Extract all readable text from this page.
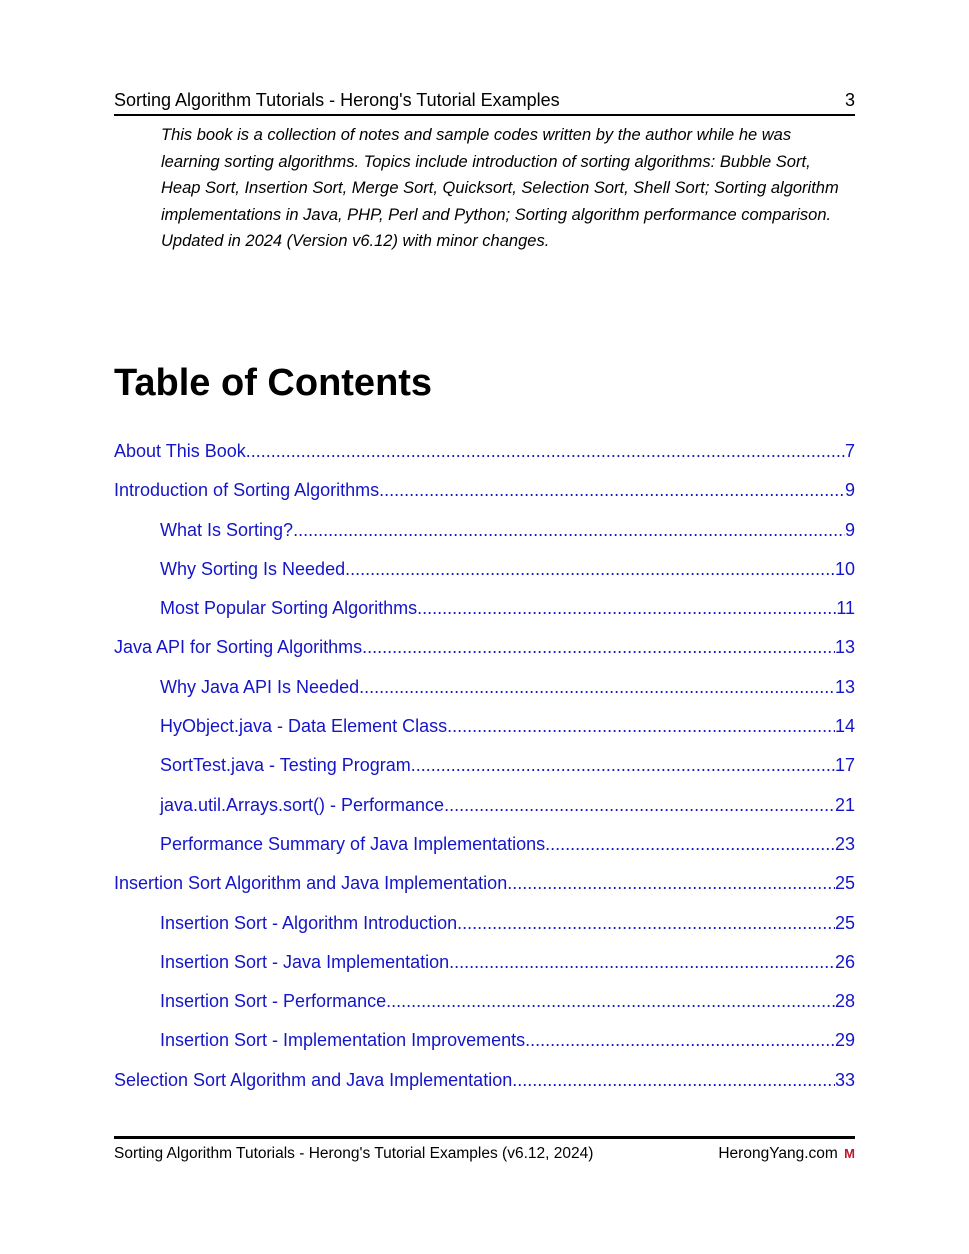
Sorting Algorithm Tutorials - Herong's Tutorial Examples	3
This book is a collection of notes and sample codes written by the author while he was learning sorting algorithms. Topics include introduction of sorting algorithms: Bubble Sort, Heap Sort, Insertion Sort, Merge Sort, Quicksort, Selection Sort, Shell Sort; Sorting algorithm implementations in Java, PHP, Perl and Python; Sorting algorithm performance comparison. Updated in 2024 (Version v6.12) with minor changes.
Table of Contents
About This Book .....	7
Introduction of Sorting Algorithms .....	9
What Is Sorting? .....	9
Why Sorting Is Needed .....	10
Most Popular Sorting Algorithms .....	11
Java API for Sorting Algorithms .....	13
Why Java API Is Needed .....	13
HyObject.java - Data Element Class .....	14
SortTest.java - Testing Program .....	17
java.util.Arrays.sort() - Performance .....	21
Performance Summary of Java Implementations .....	23
Insertion Sort Algorithm and Java Implementation .....	25
Insertion Sort - Algorithm Introduction .....	25
Insertion Sort - Java Implementation .....	26
Insertion Sort - Performance .....	28
Insertion Sort - Implementation Improvements .....	29
Selection Sort Algorithm and Java Implementation .....	33
Sorting Algorithm Tutorials - Herong's Tutorial Examples (v6.12, 2024)	HerongYang.com M
